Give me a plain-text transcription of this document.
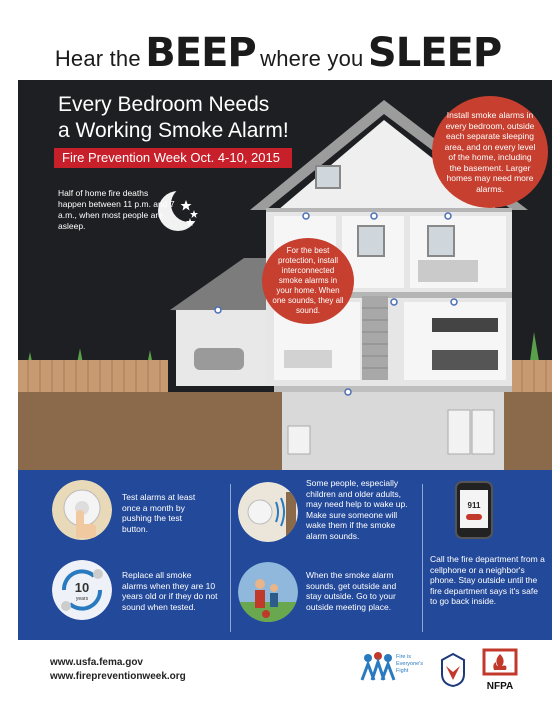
Hear the BEEP where you SLEEP
Every Bedroom Needs
a Working Smoke Alarm!
Fire Prevention Week Oct. 4-10, 2015
Half of home fire deaths happen between 11 p.m. and 7 a.m., when most people are asleep.
Install smoke alarms in every bedroom, outside each separate sleeping area, and on every level of the home, including the basement. Larger homes may need more alarms.
For the best protection, install interconnected smoke alarms in your home. When one sounds, they all sound.
Test alarms at least once a month by pushing the test button.
10
years
Replace all smoke alarms when they are 10 years old or if they do not sound when tested.
Some people, especially children and older adults, may need help to wake up. Make sure someone will wake them if the smoke alarm sounds.
When the smoke alarm sounds, get outside and stay outside. Go to your outside meeting place.
911
Call the fire department from a cellphone or a neighbor's phone. Stay outside until the fire department says it's safe to go back inside.
www.usfa.fema.gov
www.firepreventionweek.org
Fire is Everyone's Fight
NFPA
